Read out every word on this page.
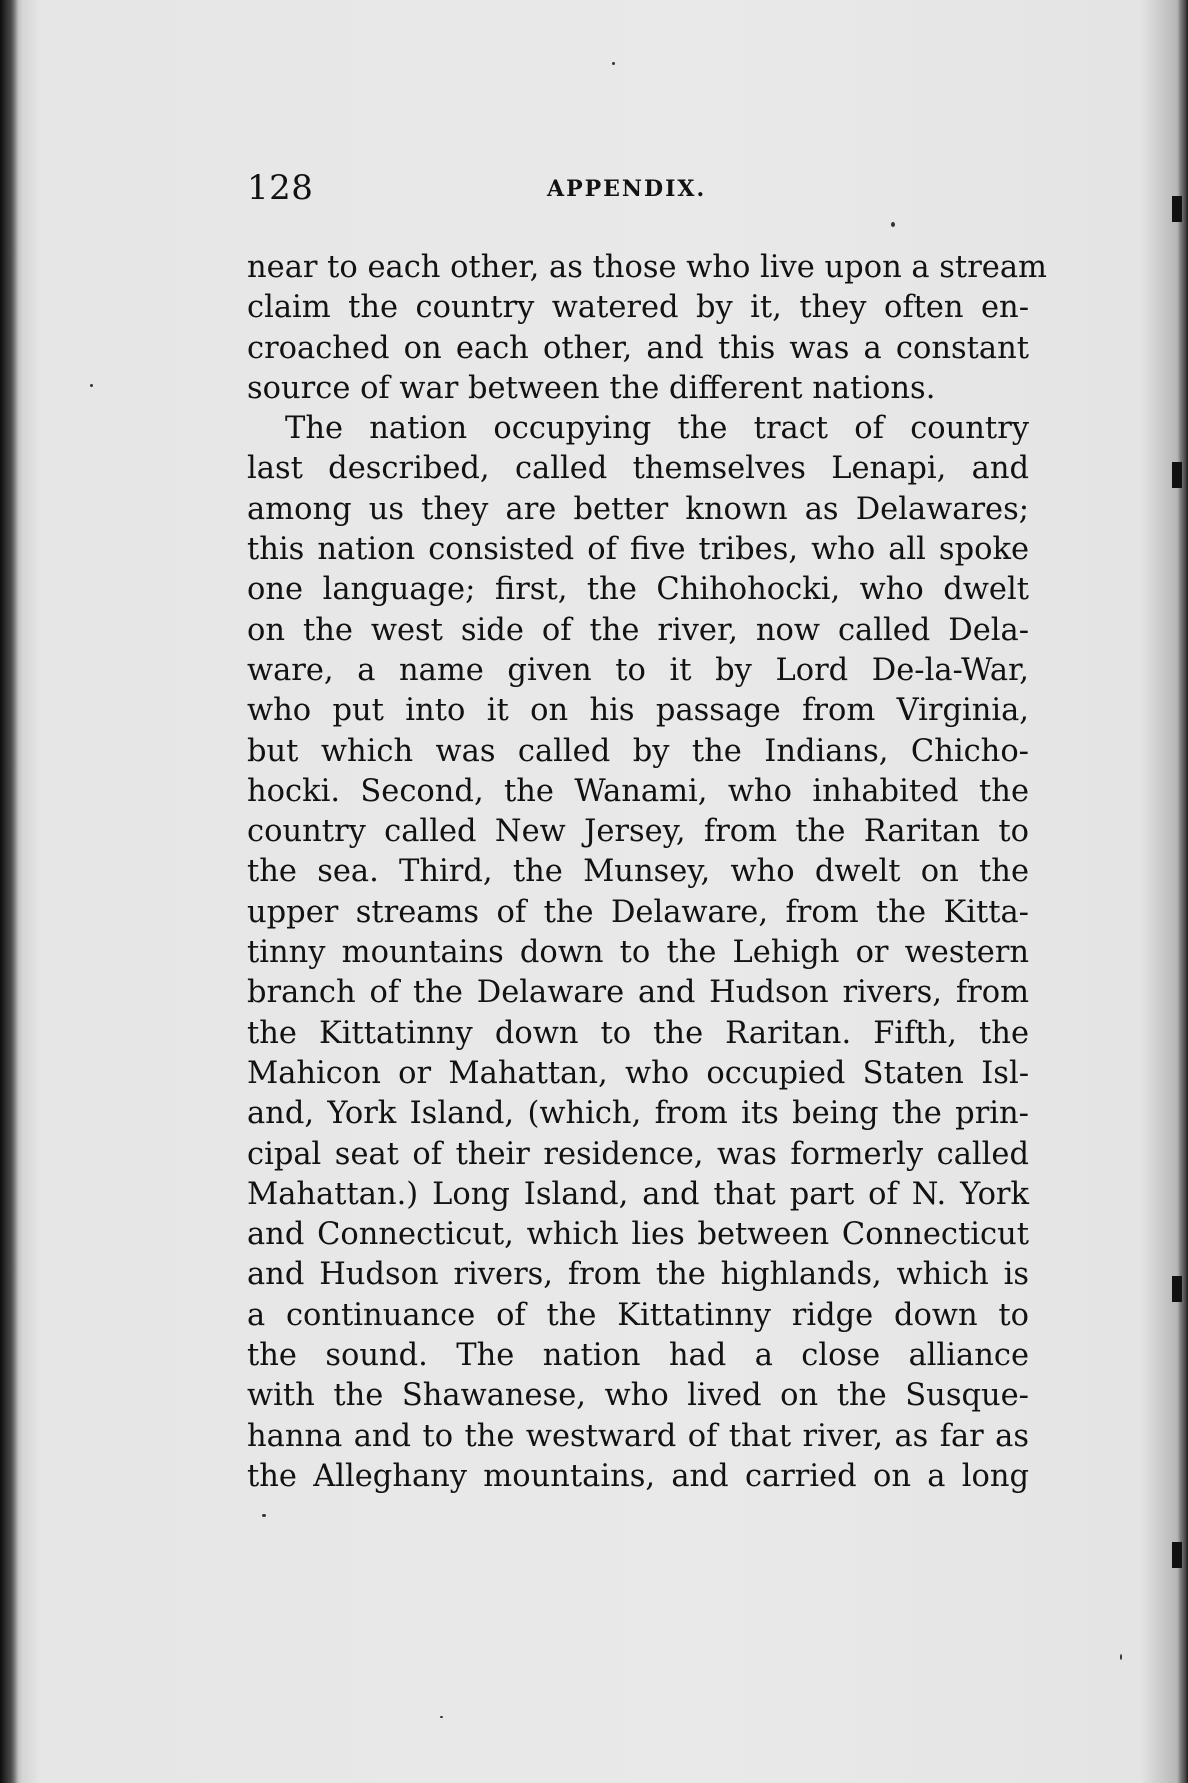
128	APPENDIX.
near to each other, as those who live upon a stream
claim the country watered by it, they often en-
croached on each other, and this was a constant
source of war between the different nations.
The nation occupying the tract of country
last described, called themselves Lenapi, and
among us they are better known as Delawares;
this nation consisted of five tribes, who all spoke
one language; first, the Chihohocki, who dwelt
on the west side of the river, now called Dela-
ware, a name given to it by Lord De-la-War,
who put into it on his passage from Virginia,
but which was called by the Indians, Chicho-
hocki. Second, the Wanami, who inhabited the
country called New Jersey, from the Raritan to
the sea. Third, the Munsey, who dwelt on the
upper streams of the Delaware, from the Kitta-
tinny mountains down to the Lehigh or western
branch of the Delaware and Hudson rivers, from
the Kittatinny down to the Raritan. Fifth, the
Mahicon or Mahattan, who occupied Staten Isl-
and, York Island, (which, from its being the prin-
cipal seat of their residence, was formerly called
Mahattan.) Long Island, and that part of N. York
and Connecticut, which lies between Connecticut
and Hudson rivers, from the highlands, which is
a continuance of the Kittatinny ridge down to
the sound. The nation had a close alliance
with the Shawanese, who lived on the Susque-
hanna and to the westward of that river, as far as
the Alleghany mountains, and carried on a long
